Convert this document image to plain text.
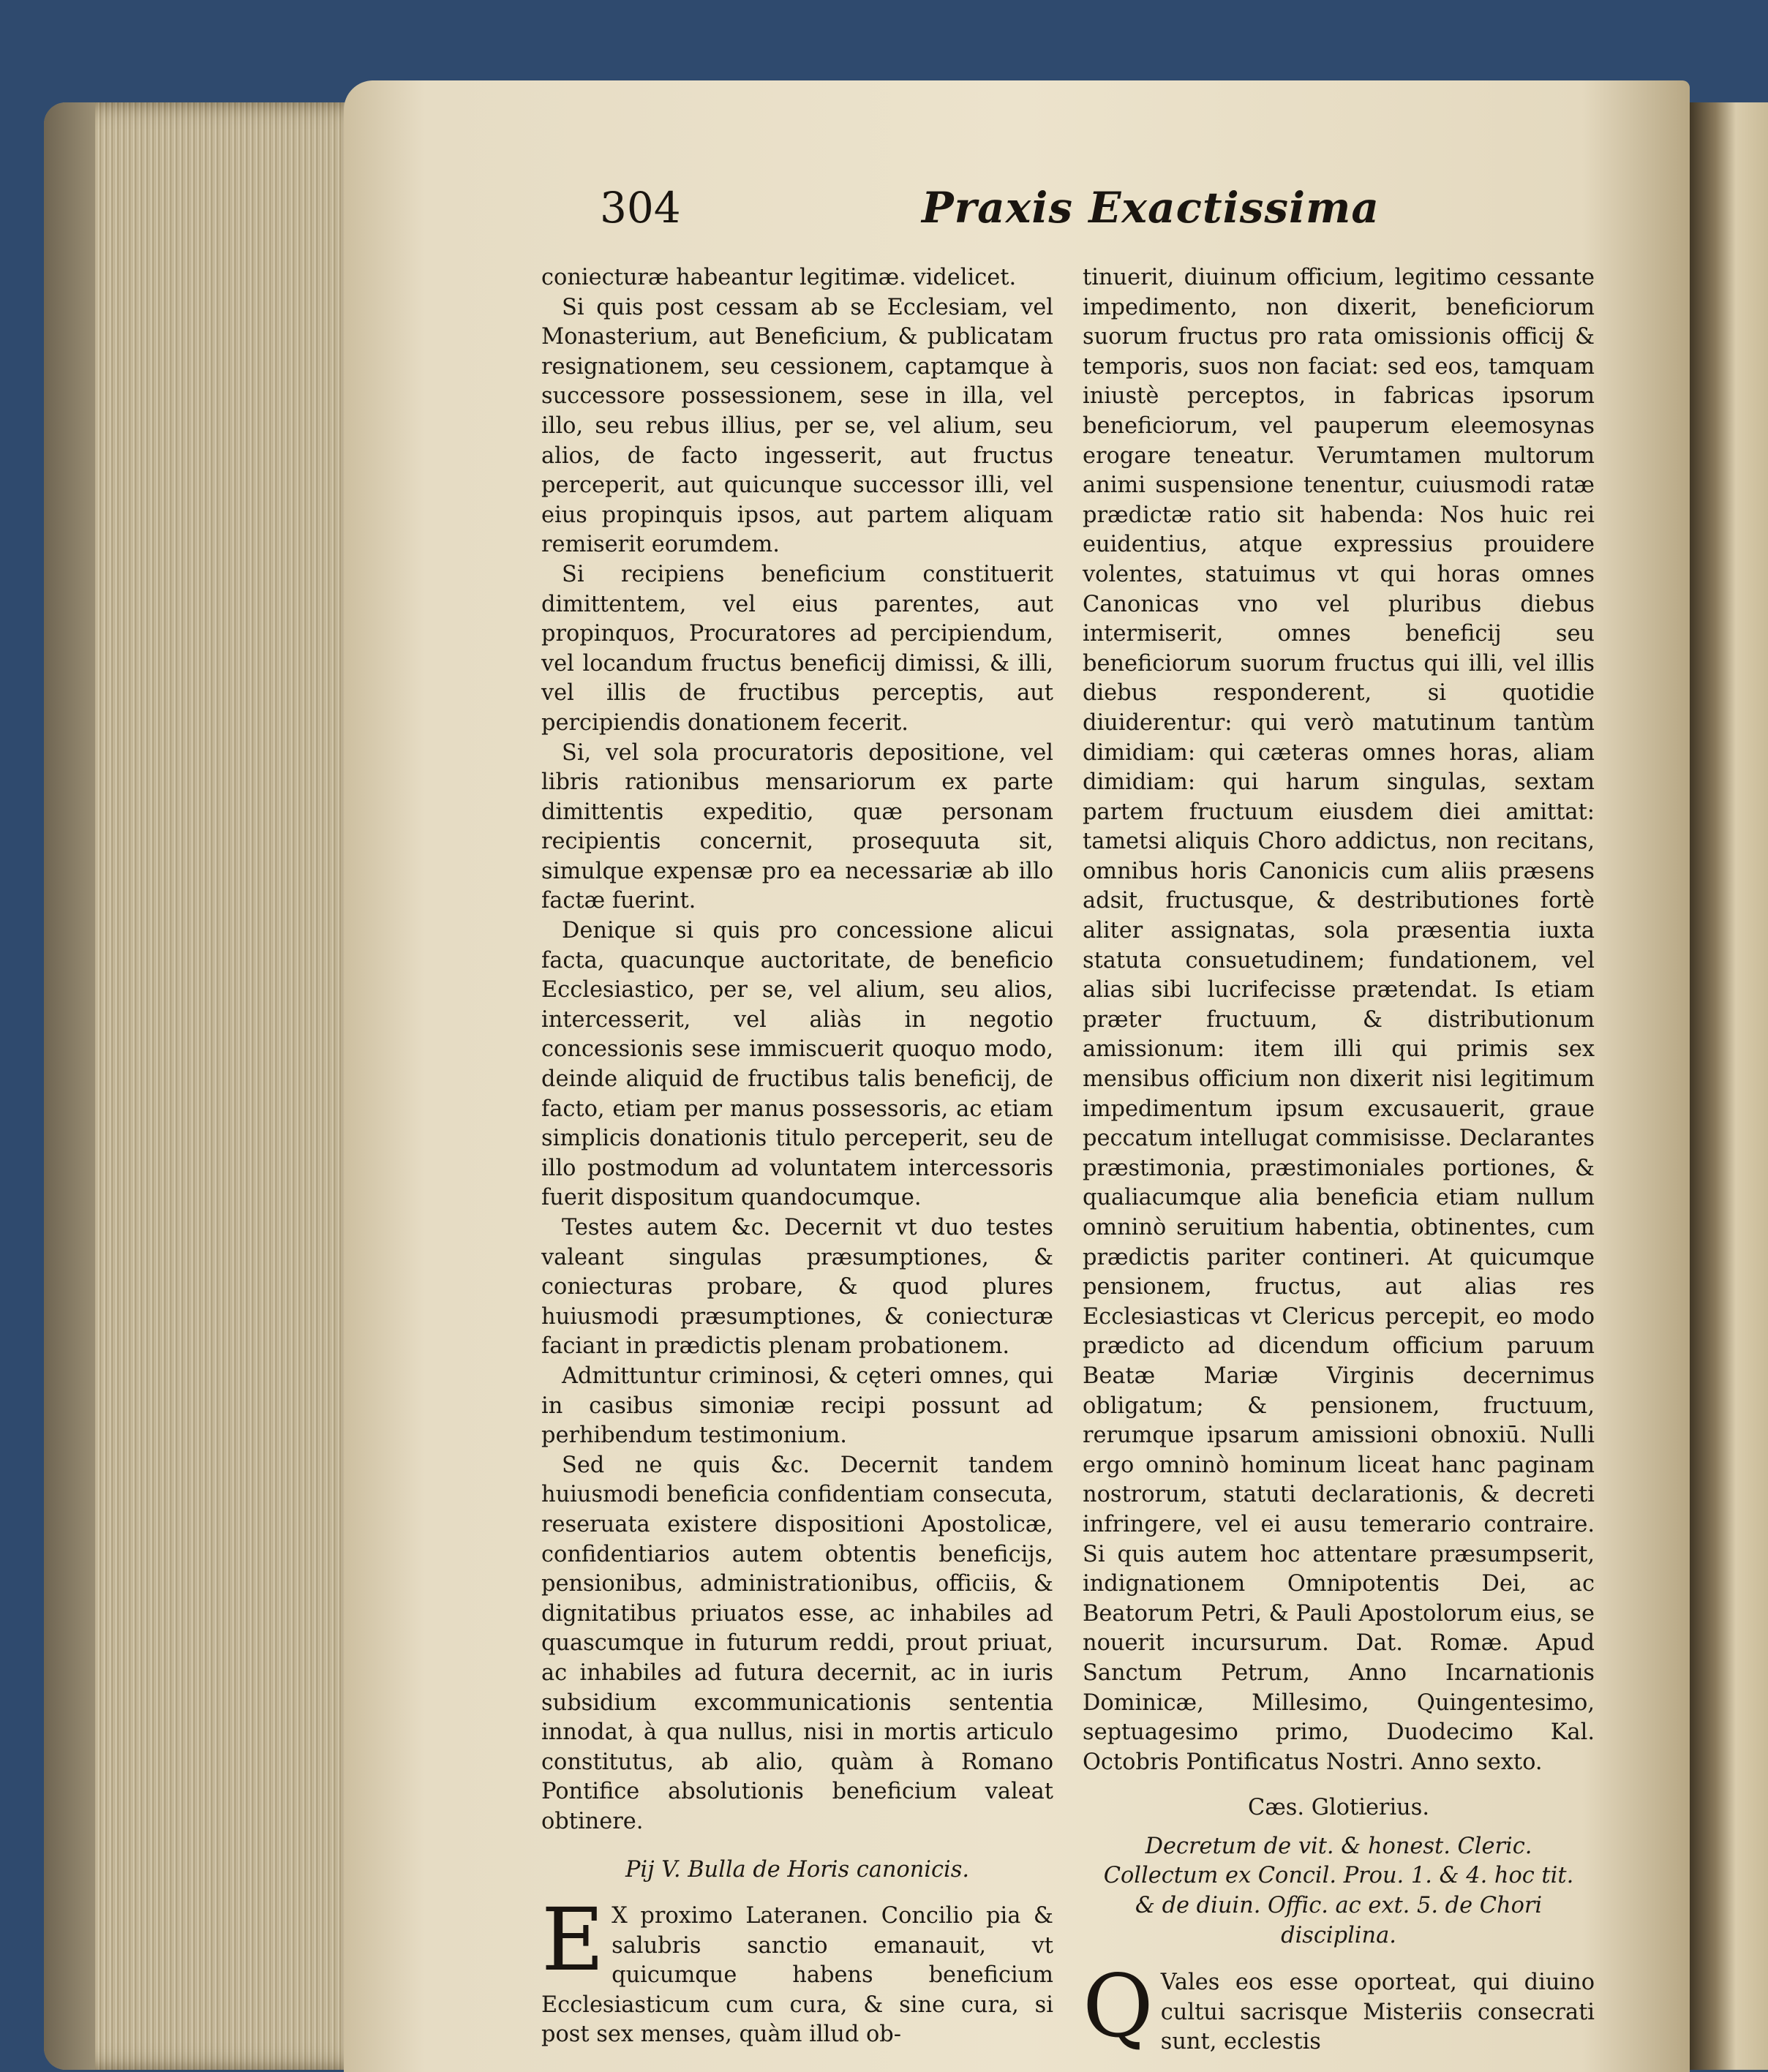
304	Praxis Exactissima

coniecturæ habeantur legitimæ. videlicet.

Si quis post cessam ab se Ecclesiam, vel Monasterium, aut Beneficium, & publicatam resignationem, seu cessionem, captamque à successore possessionem, sese in illa, vel illo, seu rebus illius, per se, vel alium, seu alios, de facto ingesserit, aut fructus perceperit, aut quicunque successor illi, vel eius propinquis ipsos, aut partem aliquam remiserit eorumdem.

Si recipiens beneficium constituerit dimittentem, vel eius parentes, aut propinquos, Procuratores ad percipiendum, vel locandum fructus beneficij dimissi, & illi, vel illis de fructibus perceptis, aut percipiendis donationem fecerit.

Si, vel sola procuratoris depositione, vel libris rationibus mensariorum ex parte dimittentis expeditio, quæ personam recipientis concernit, prosequuta sit, simulque expensæ pro ea necessariæ ab illo factæ fuerint.

Denique si quis pro concessione alicui facta, quacunque auctoritate, de beneficio Ecclesiastico, per se, vel alium, seu alios, intercesserit, vel aliàs in negotio concessionis sese immiscuerit quoquo modo, deinde aliquid de fructibus talis beneficij, de facto, etiam per manus possessoris, ac etiam simplicis donationis titulo perceperit, seu de illo postmodum ad voluntatem intercessoris fuerit dispositum quandocumque.

Testes autem &c. Decernit vt duo testes valeant singulas præsumptiones, & coniecturas probare, & quod plures huiusmodi præsumptiones, & coniecturæ faciant in prædictis plenam probationem.

Admittuntur criminosi, & cęteri omnes, qui in casibus simoniæ recipi possunt ad perhibendum testimonium.

Sed ne quis &c. Decernit tandem huiusmodi beneficia confidentiam consecuta, reseruata existere dispositioni Apostolicæ, confidentiarios autem obtentis beneficijs, pensionibus, administrationibus, officiis, & dignitatibus priuatos esse, ac inhabiles ad quascumque in futurum reddi, prout priuat, ac inhabiles ad futura decernit, ac in iuris subsidium excommunicationis sententia innodat, à qua nullus, nisi in mortis articulo constitutus, ab alio, quàm à Romano Pontifice absolutionis beneficium valeat obtinere.

Pij V. Bulla de Horis canonicis.

E X proximo Lateranen. Concilio pia & salubris sanctio emanauit, vt quicumque habens beneficium Ecclesiasticum cum cura, & sine cura, si post sex menses, quàm illud ob-

tinuerit, diuinum officium, legitimo cessante impedimento, non dixerit, beneficiorum suorum fructus pro rata omissionis officij & temporis, suos non faciat: sed eos, tamquam iniustè perceptos, in fabricas ipsorum beneficiorum, vel pauperum eleemosynas erogare teneatur. Verumtamen multorum animi suspensione tenentur, cuiusmodi ratæ prædictæ ratio sit habenda: Nos huic rei euidentius, atque expressius prouidere volentes, statuimus vt qui horas omnes Canonicas vno vel pluribus diebus intermiserit, omnes beneficij seu beneficiorum suorum fructus qui illi, vel illis diebus responderent, si quotidie diuiderentur: qui verò matutinum tantùm dimidiam: qui cæteras omnes horas, aliam dimidiam: qui harum singulas, sextam partem fructuum eiusdem diei amittat: tametsi aliquis Choro addictus, non recitans, omnibus horis Canonicis cum aliis præsens adsit, fructusque, & destributiones fortè aliter assignatas, sola præsentia iuxta statuta consuetudinem; fundationem, vel alias sibi lucrifecisse prætendat. Is etiam præter fructuum, & distributionum amissionum: item illi qui primis sex mensibus officium non dixerit nisi legitimum impedimentum ipsum excusauerit, graue peccatum intellugat commisisse. Declarantes præstimonia, præstimoniales portiones, & qualiacumque alia beneficia etiam nullum omninò seruitium habentia, obtinentes, cum prædictis pariter contineri. At quicumque pensionem, fructus, aut alias res Ecclesiasticas vt Clericus percepit, eo modo prædicto ad dicendum officium paruum Beatæ Mariæ Virginis decernimus obligatum; & pensionem, fructuum, rerumque ipsarum amissioni obnoxiū. Nulli ergo omninò hominum liceat hanc paginam nostrorum, statuti declarationis, & decreti infringere, vel ei ausu temerario contraire. Si quis autem hoc attentare præsumpserit, indignationem Omnipotentis Dei, ac Beatorum Petri, & Pauli Apostolorum eius, se nouerit incursurum. Dat. Romæ. Apud Sanctum Petrum, Anno Incarnationis Dominicæ, Millesimo, Quingentesimo, septuagesimo primo, Duodecimo Kal. Octobris Pontificatus Nostri. Anno sexto.

Cæs. Glotierius.

Decretum de vit. & honest. Cleric. Collectum ex Concil. Prou. 1. & 4. hoc tit. & de diuin. Offic. ac ext. 5. de Chori disciplina.

Q Vales eos esse oporteat, qui diuino cultui sacrisque Misteriis consecrati sunt, ecclestis
